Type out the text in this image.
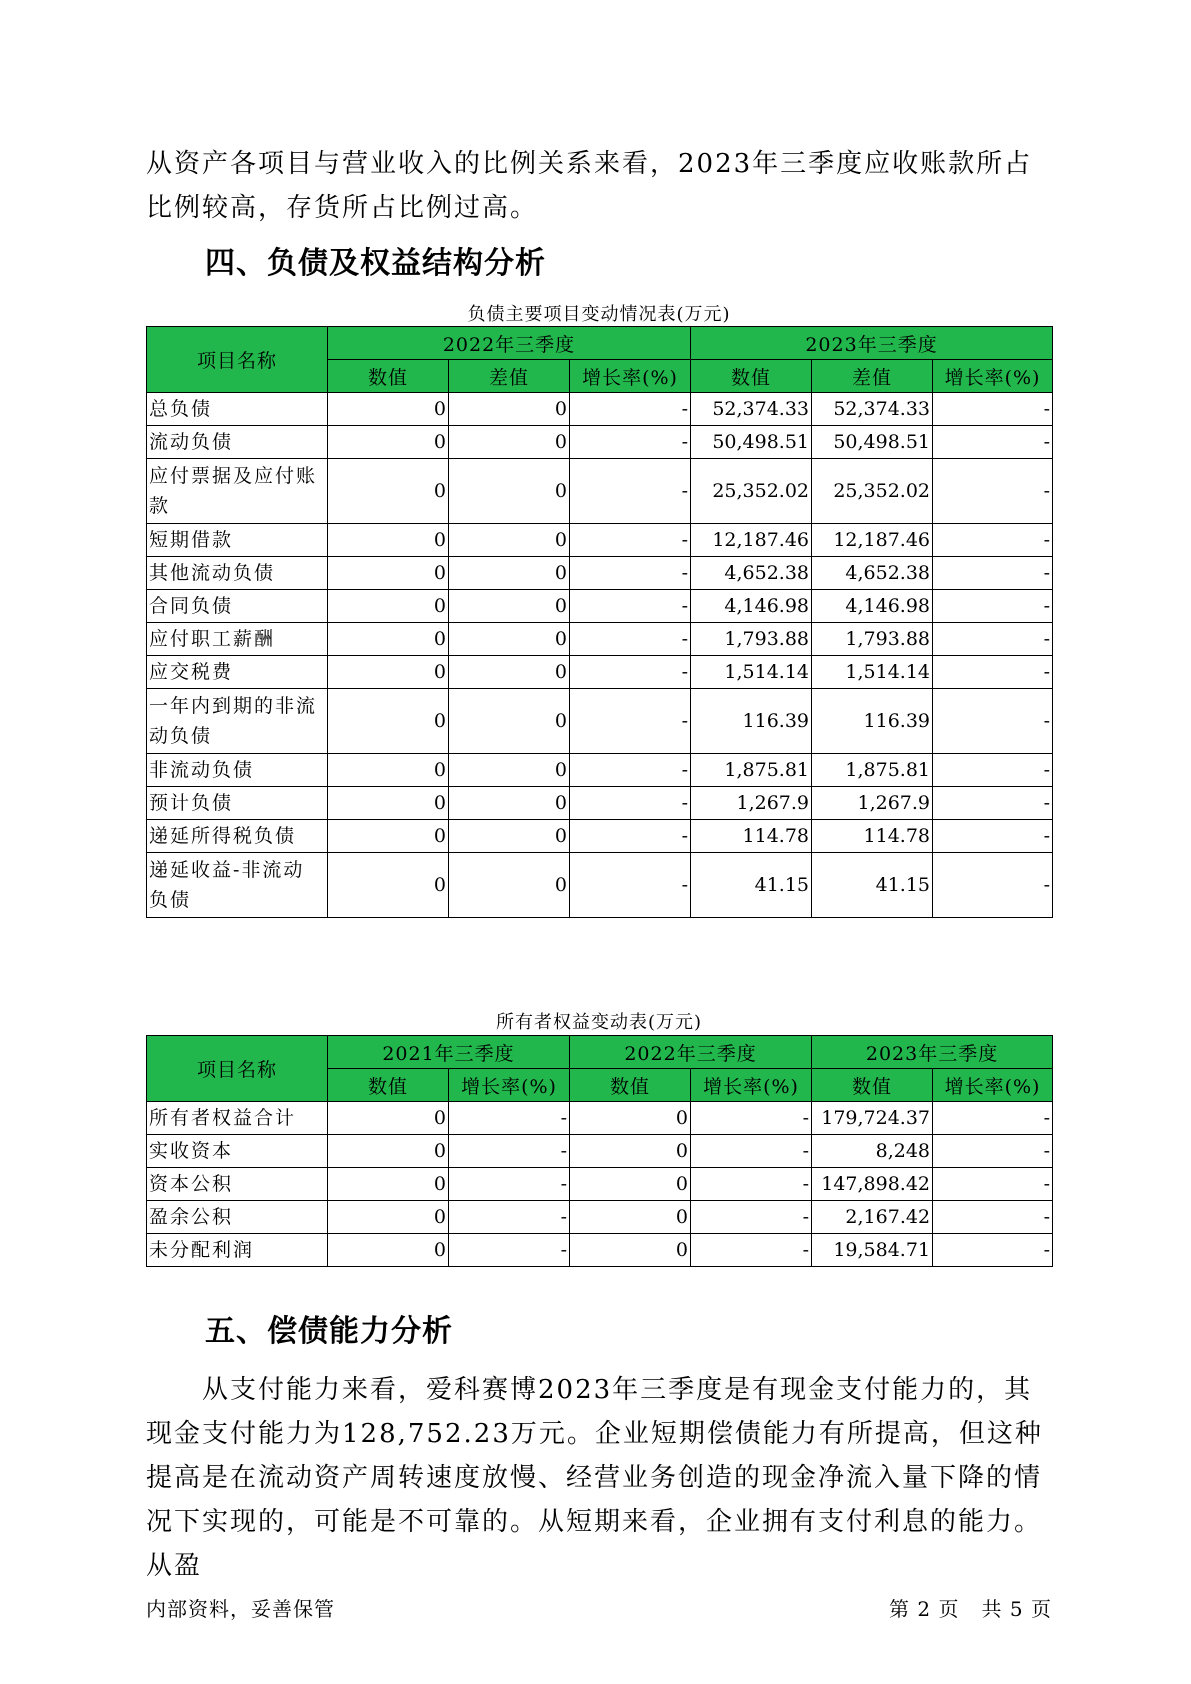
从资产各项目与营业收入的比例关系来看，2023年三季度应收账款所占比例较高，存货所占比例过高。

四、负债及权益结构分析
负债主要项目变动情况表(万元)
项目名称	2022年三季度			2023年三季度		
	数值	差值	增长率(%)	数值	差值	增长率(%)
总负债	0	0	-	52,374.33	52,374.33	-
流动负债	0	0	-	50,498.51	50,498.51	-
应付票据及应付账款	0	0	-	25,352.02	25,352.02	-
短期借款	0	0	-	12,187.46	12,187.46	-
其他流动负债	0	0	-	4,652.38	4,652.38	-
合同负债	0	0	-	4,146.98	4,146.98	-
应付职工薪酬	0	0	-	1,793.88	1,793.88	-
应交税费	0	0	-	1,514.14	1,514.14	-
一年内到期的非流动负债	0	0	-	116.39	116.39	-
非流动负债	0	0	-	1,875.81	1,875.81	-
预计负债	0	0	-	1,267.9	1,267.9	-
递延所得税负债	0	0	-	114.78	114.78	-
递延收益-非流动负债	0	0	-	41.15	41.15	-
所有者权益变动表(万元)
项目名称	2021年三季度		2022年三季度		2023年三季度	
	数值	增长率(%)	数值	增长率(%)	数值	增长率(%)
所有者权益合计	0	-	0	-	179,724.37	-
实收资本	0	-	0	-	8,248	-
资本公积	0	-	0	-	147,898.42	-
盈余公积	0	-	0	-	2,167.42	-
未分配利润	0	-	0	-	19,584.71	-
五、偿债能力分析

从支付能力来看，爱科赛博2023年三季度是有现金支付能力的，其现金支付能力为128,752.23万元。企业短期偿债能力有所提高，但这种提高是在流动资产周转速度放慢、经营业务创造的现金净流入量下降的情况下实现的，可能是不可靠的。从短期来看，企业拥有支付利息的能力。从盈

内部资料，妥善保管	第 2 页   共 5 页
